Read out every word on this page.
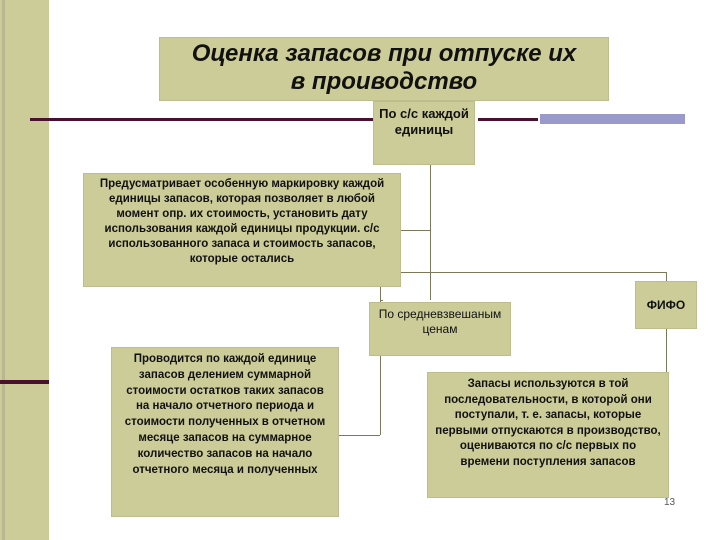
Оценка запасов при отпуске их
в проиводство
По с/с каждой единицы
Предусматривает особенную маркировку каждой единицы запасов, которая позволяет в любой момент опр. их стоимость, установить дату использования каждой единицы продукции. с/с использованного запаса и стоимость запасов, которые остались
По средневзвешаным ценам
Проводится по каждой единице запасов делением суммарной стоимости остатков таких запасов на начало отчетного периода и стоимости полученных в отчетном месяце запасов на суммарное количество запасов на начало отчетного месяца и полученных
ФИФО
Запасы используются в той последовательности, в которой они поступали, т. е. запасы, которые первыми отпускаются в производство, оцениваются по с/с первых по времени поступления запасов
13
